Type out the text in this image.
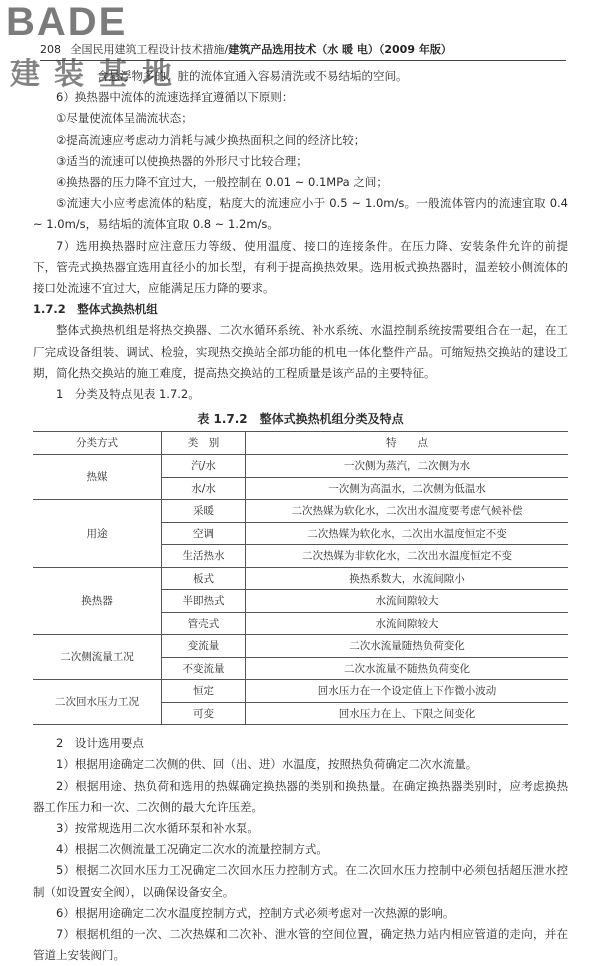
BADE
建装基地
208 全国民用建筑工程设计技术措施/建筑产品选用技术（水 暖 电）（2009 年版）

含悬浮物多的、脏的流体宜通入容易清洗或不易结垢的空间。

6）换热器中流体的流速选择宜遵循以下原则：

①尽量使流体呈湍流状态；

②提高流速应考虑动力消耗与减少换热面积之间的经济比较；

③适当的流速可以使换热器的外形尺寸比较合理；

④换热器的压力降不宜过大，一般控制在 0.01 ~ 0.1MPa 之间；

⑤流速大小应考虑流体的粘度，粘度大的流速应小于 0.5 ~ 1.0m/s。一般流体管内的流速宜取 0.4 ~ 1.0m/s，易结垢的流体宜取 0.8 ~ 1.2m/s。

7）选用换热器时应注意压力等级、使用温度、接口的连接条件。在压力降、安装条件允许的前提下，管壳式换热器宜选用直径小的加长型，有利于提高换热效果。选用板式换热器时，温差较小侧流体的接口处流速不宜过大，应能满足压力降的要求。

1.7.2　整体式换热机组

整体式换热机组是将热交换器、二次水循环系统、补水系统、水温控制系统按需要组合在一起，在工厂完成设备组装、调试、检验，实现热交换站全部功能的机电一体化整件产品。可缩短热交换站的建设工期，简化热交换站的施工难度，提高热交换站的工程质量是该产品的主要特征。

1　分类及特点见表 1.7.2。

表 1.7.2　整体式换热机组分类及特点
分类方式	类　别	特　　点
热媒	汽/水	一次侧为蒸汽，二次侧为水
	水/水	一次侧为高温水，二次侧为低温水
用途	采暖	二次热媒为软化水，二次出水温度要考虑气候补偿
	空调	二次热媒为软化水，二次出水温度恒定不变
	生活热水	二次热媒为非软化水，二次出水温度恒定不变
换热器	板式	换热系数大，水流间隙小
	半即热式	水流间隙较大
	管壳式	水流间隙较大
二次侧流量工况	变流量	二次水流量随热负荷变化
	不变流量	二次水流量不随热负荷变化
二次回水压力工况	恒定	回水压力在一个设定值上下作微小波动
	可变	回水压力在上、下限之间变化

2　设计选用要点

1）根据用途确定二次侧的供、回（出、进）水温度，按照热负荷确定二次水流量。

2）根据用途、热负荷和选用的热媒确定换热器的类别和换热量。在确定换热器类别时，应考虑换热器工作压力和一次、二次侧的最大允许压差。

3）按常规选用二次水循环泵和补水泵。

4）根据二次侧流量工况确定二次水的流量控制方式。

5）根据二次回水压力工况确定二次回水压力控制方式。在二次回水压力控制中必须包括超压泄水控制（如设置安全阀），以确保设备安全。

6）根据用途确定二次水温度控制方式，控制方式必须考虑对一次热源的影响。

7）根据机组的一次、二次热媒和二次补、泄水管的空间位置，确定热力站内相应管道的走向，并在管道上安装阀门。
